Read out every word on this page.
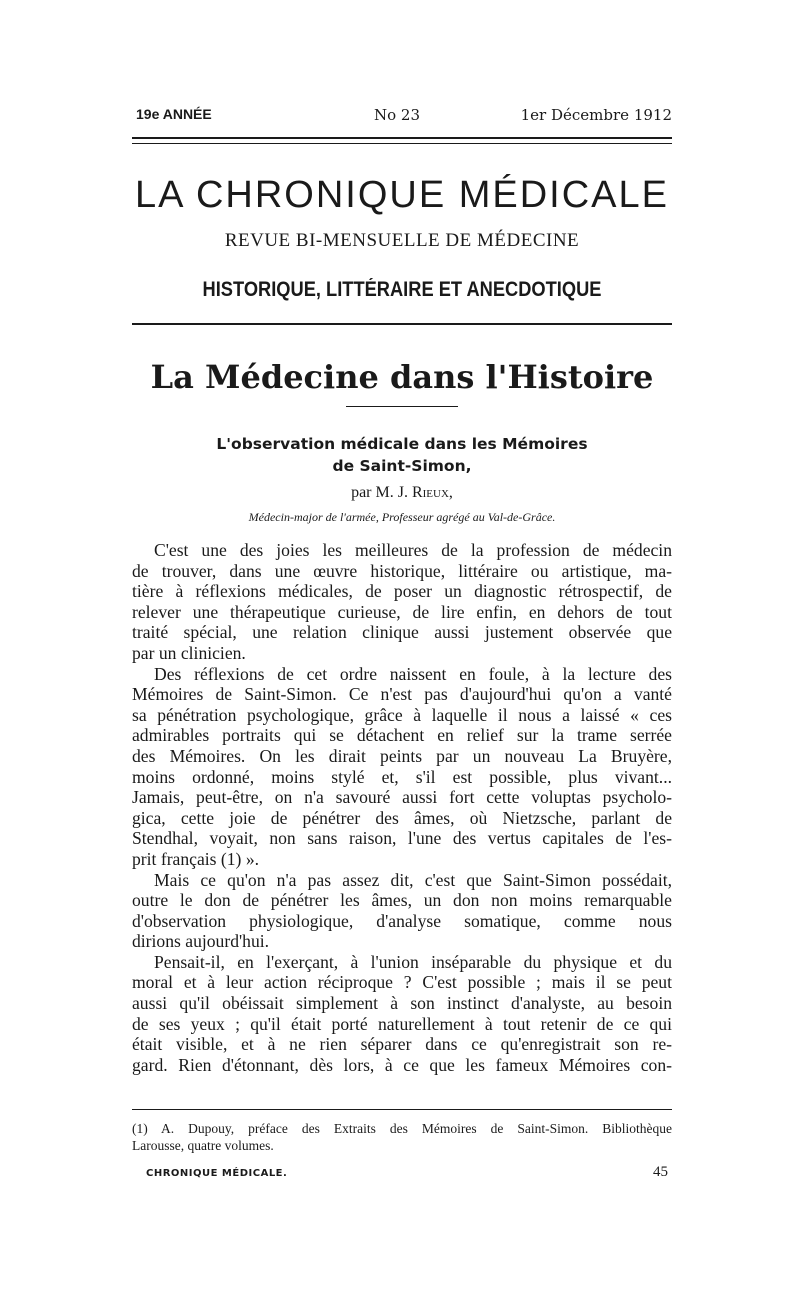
19e ANNÉE	No 23	1er Décembre 1912
LA CHRONIQUE MÉDICALE
REVUE BI-MENSUELLE DE MÉDECINE
HISTORIQUE, LITTÉRAIRE ET ANECDOTIQUE
La Médecine dans l'Histoire
L'observation médicale dans les Mémoires
de Saint-Simon,
par M. J. Rieux,
Médecin-major de l'armée, Professeur agrégé au Val-de-Grâce.
C'est une des joies les meilleures de la profession de médecin
de trouver, dans une œuvre historique, littéraire ou artistique, ma-
tière à réflexions médicales, de poser un diagnostic rétrospectif, de
relever une thérapeutique curieuse, de lire enfin, en dehors de tout
traité spécial, une relation clinique aussi justement observée que
par un clinicien.
Des réflexions de cet ordre naissent en foule, à la lecture des
Mémoires de Saint-Simon. Ce n'est pas d'aujourd'hui qu'on a vanté
sa pénétration psychologique, grâce à laquelle il nous a laissé « ces
admirables portraits qui se détachent en relief sur la trame serrée
des Mémoires. On les dirait peints par un nouveau La Bruyère,
moins ordonné, moins stylé et, s'il est possible, plus vivant...
Jamais, peut-être, on n'a savouré aussi fort cette voluptas psycholo-
gica, cette joie de pénétrer des âmes, où Nietzsche, parlant de
Stendhal, voyait, non sans raison, l'une des vertus capitales de l'es-
prit français (1) ».
Mais ce qu'on n'a pas assez dit, c'est que Saint-Simon possédait,
outre le don de pénétrer les âmes, un don non moins remarquable
d'observation physiologique, d'analyse somatique, comme nous
dirions aujourd'hui.
Pensait-il, en l'exerçant, à l'union inséparable du physique et du
moral et à leur action réciproque ? C'est possible ; mais il se peut
aussi qu'il obéissait simplement à son instinct d'analyste, au besoin
de ses yeux ; qu'il était porté naturellement à tout retenir de ce qui
était visible, et à ne rien séparer dans ce qu'enregistrait son re-
gard. Rien d'étonnant, dès lors, à ce que les fameux Mémoires con-
(1) A. Dupouy, préface des Extraits des Mémoires de Saint-Simon. Bibliothèque
Larousse, quatre volumes.
CHRONIQUE MÉDICALE.	45
